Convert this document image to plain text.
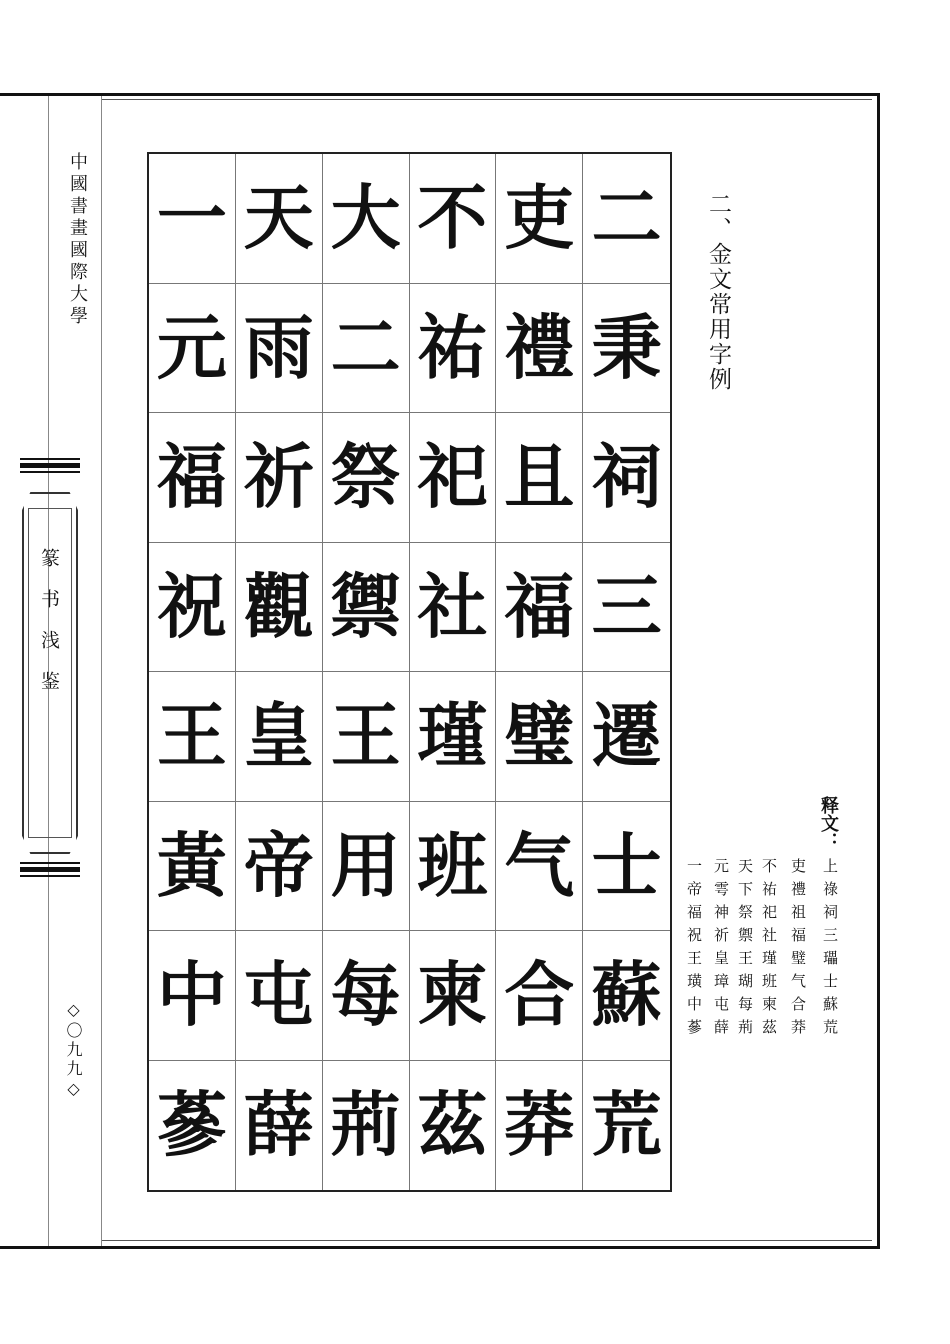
中國書畫國際大學
篆书浅鉴
◇〇九九◇
一 天 大 不 吏 二
元 雨 二 祐 禮 秉
福 祈 祭 祀 且 祠
祝 觀 禦 社 福 三
王 皇 王 瑾 璧 遷
黃 帝 用 班 气 士
中 屯 每 柬 合 蘇
蔘 薛 荊 茲 莽 荒
二、金文常用字例
释文：
上祿祠三瓃士蘇荒
吏禮祖福璧气合莽
不祐祀社瑾班柬茲
天下祭禦王瑚每荊
元雩神祈皇璋屯薛
一帝福祝王璜中蔘
